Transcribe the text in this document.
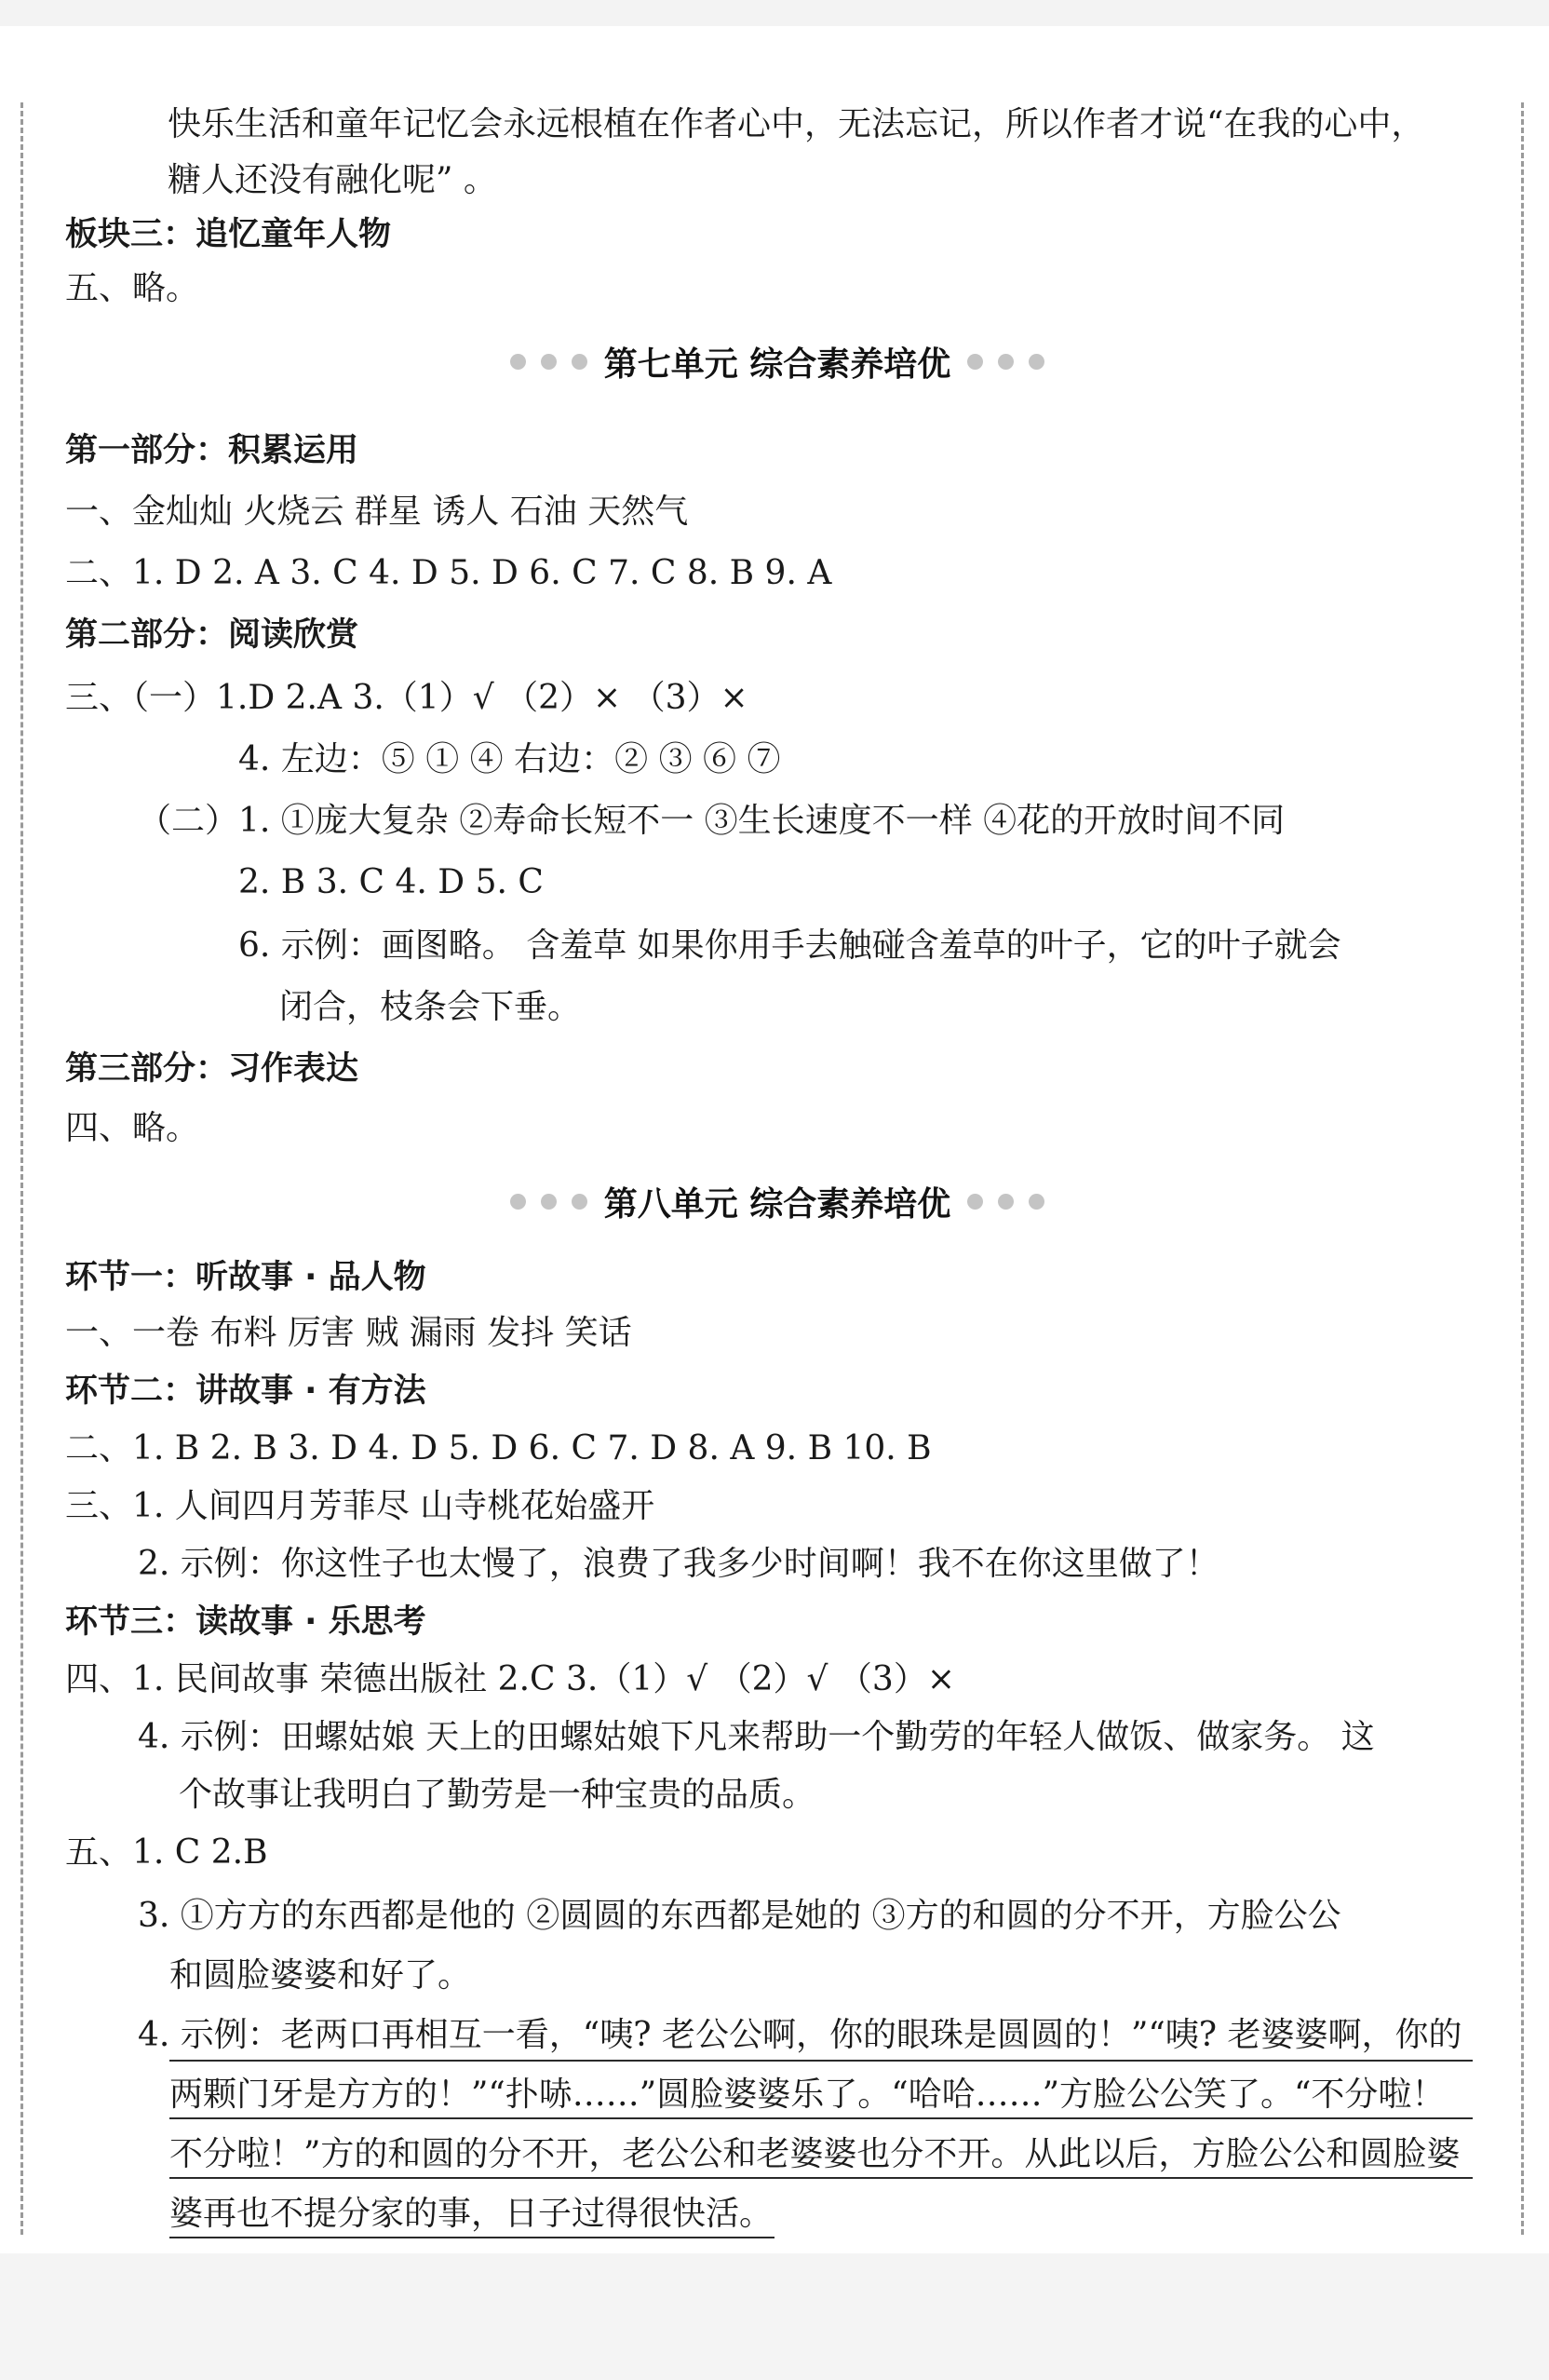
快乐生活和童年记忆会永远根植在作者心中，无法忘记，所以作者才说“在我的心中，
糖人还没有融化呢” 。
板块三：追忆童年人物
五、略。
第七单元 综合素养培优
第一部分：积累运用
一、金灿灿 火烧云 群星 诱人 石油 天然气
二、1. D 2. A 3. C 4. D 5. D 6. C 7. C 8. B 9. A
第二部分：阅读欣赏
三、（一）1.D 2.A 3.（1）√ （2）× （3）×
4. 左边：⑤ ① ④ 右边：② ③ ⑥ ⑦
（二）1. ①庞大复杂 ②寿命长短不一 ③生长速度不一样 ④花的开放时间不同
2. B 3. C 4. D 5. C
6. 示例：画图略。 含羞草 如果你用手去触碰含羞草的叶子，它的叶子就会
闭合，枝条会下垂。
第三部分：习作表达
四、略。
第八单元 综合素养培优
环节一：听故事 · 品人物
一、一卷 布料 厉害 贼 漏雨 发抖 笑话
环节二：讲故事 · 有方法
二、1. B 2. B 3. D 4. D 5. D 6. C 7. D 8. A 9. B 10. B
三、1. 人间四月芳菲尽 山寺桃花始盛开
2. 示例：你这性子也太慢了，浪费了我多少时间啊！我不在你这里做了！
环节三：读故事 · 乐思考
四、1. 民间故事 荣德出版社 2.C 3.（1）√ （2）√ （3）×
4. 示例：田螺姑娘 天上的田螺姑娘下凡来帮助一个勤劳的年轻人做饭、做家务。 这
个故事让我明白了勤劳是一种宝贵的品质。
五、1. C 2.B
3. ①方方的东西都是他的 ②圆圆的东西都是她的 ③方的和圆的分不开，方脸公公
和圆脸婆婆和好了。
4. 示例：老两口再相互一看，“咦? 老公公啊，你的眼珠是圆圆的！”“咦? 老婆婆啊，你的
两颗门牙是方方的！”“扑哧……”圆脸婆婆乐了。“哈哈……”方脸公公笑了。“不分啦！
不分啦！”方的和圆的分不开，老公公和老婆婆也分不开。从此以后，方脸公公和圆脸婆
婆再也不提分家的事，日子过得很快活。
